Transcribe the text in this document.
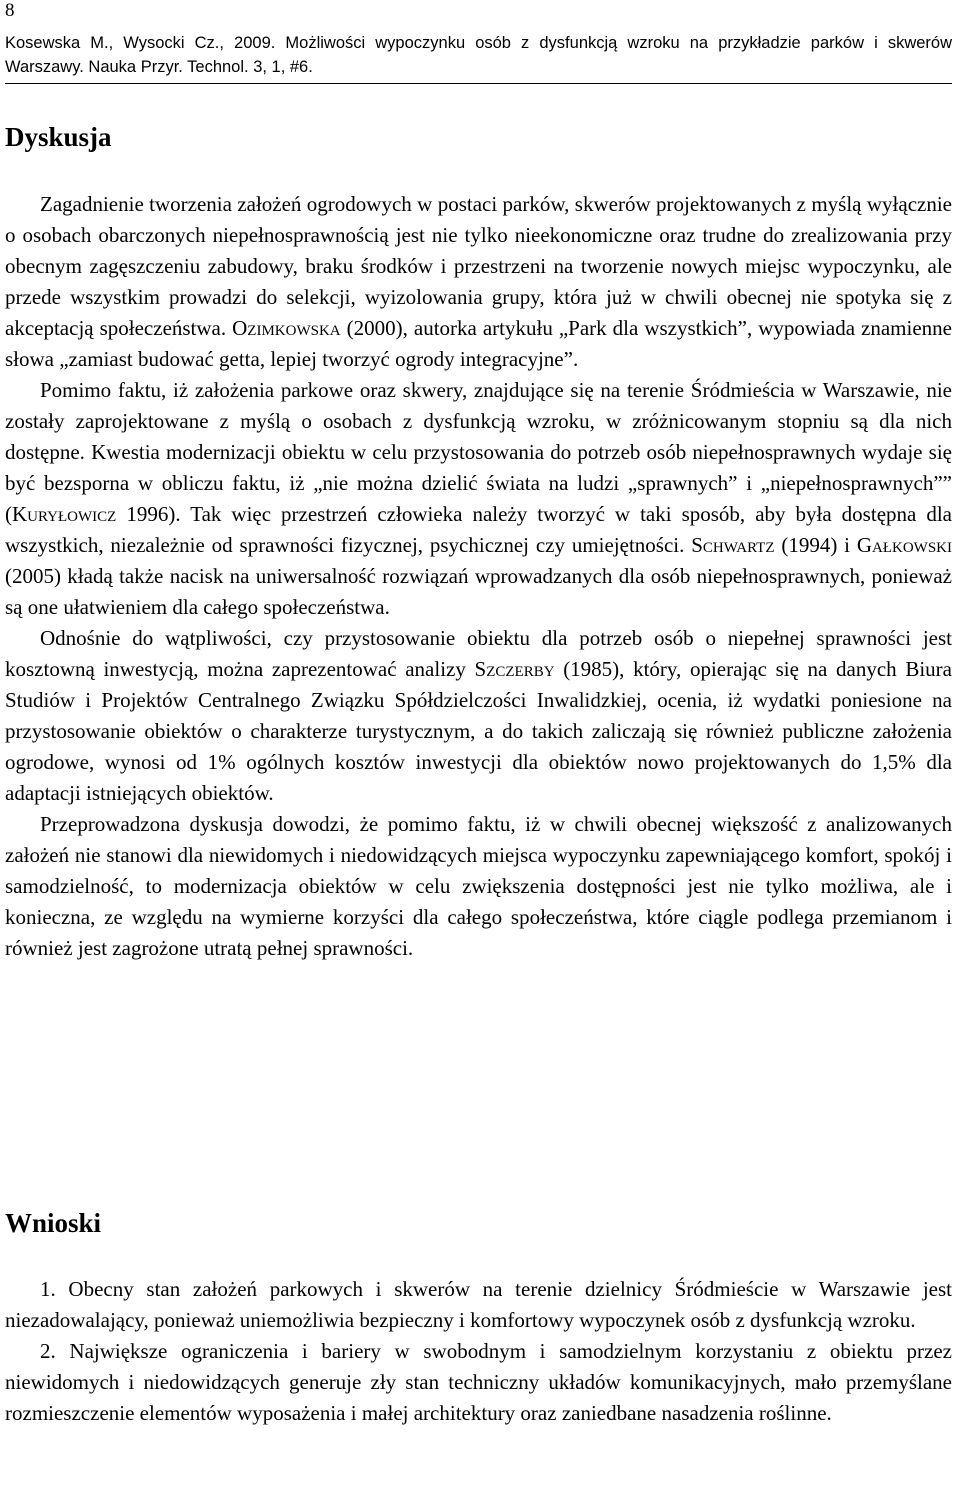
8
Kosewska M., Wysocki Cz., 2009. Możliwości wypoczynku osób z dysfunkcją wzroku na przykładzie parków i skwerów Warszawy. Nauka Przyr. Technol. 3, 1, #6.
Dyskusja

Zagadnienie tworzenia założeń ogrodowych w postaci parków, skwerów projektowanych z myślą wyłącznie o osobach obarczonych niepełnosprawnością jest nie tylko nieekonomiczne oraz trudne do zrealizowania przy obecnym zagęszczeniu zabudowy, braku środków i przestrzeni na tworzenie nowych miejsc wypoczynku, ale przede wszystkim prowadzi do selekcji, wyizolowania grupy, która już w chwili obecnej nie spotyka się z akceptacją społeczeństwa. Ozimkowska (2000), autorka artykułu „Park dla wszystkich”, wypowiada znamienne słowa „zamiast budować getta, lepiej tworzyć ogrody integracyjne”.

Pomimo faktu, iż założenia parkowe oraz skwery, znajdujące się na terenie Śródmieścia w Warszawie, nie zostały zaprojektowane z myślą o osobach z dysfunkcją wzroku, w zróżnicowanym stopniu są dla nich dostępne. Kwestia modernizacji obiektu w celu przystosowania do potrzeb osób niepełnosprawnych wydaje się być bezsporna w obliczu faktu, iż „nie można dzielić świata na ludzi „sprawnych” i „niepełnosprawnych”” (Kuryłowicz 1996). Tak więc przestrzeń człowieka należy tworzyć w taki sposób, aby była dostępna dla wszystkich, niezależnie od sprawności fizycznej, psychicznej czy umiejętności. Schwartz (1994) i Gałkowski (2005) kładą także nacisk na uniwersalność rozwiązań wprowadzanych dla osób niepełnosprawnych, ponieważ są one ułatwieniem dla całego społeczeństwa.

Odnośnie do wątpliwości, czy przystosowanie obiektu dla potrzeb osób o niepełnej sprawności jest kosztowną inwestycją, można zaprezentować analizy Szczerby (1985), który, opierając się na danych Biura Studiów i Projektów Centralnego Związku Spółdzielczości Inwalidzkiej, ocenia, iż wydatki poniesione na przystosowanie obiektów o charakterze turystycznym, a do takich zaliczają się również publiczne założenia ogrodowe, wynosi od 1% ogólnych kosztów inwestycji dla obiektów nowo projektowanych do 1,5% dla adaptacji istniejących obiektów.

Przeprowadzona dyskusja dowodzi, że pomimo faktu, iż w chwili obecnej większość z analizowanych założeń nie stanowi dla niewidomych i niedowidzących miejsca wypoczynku zapewniającego komfort, spokój i samodzielność, to modernizacja obiektów w celu zwiększenia dostępności jest nie tylko możliwa, ale i konieczna, ze względu na wymierne korzyści dla całego społeczeństwa, które ciągle podlega przemianom i również jest zagrożone utratą pełnej sprawności.

Wnioski

1. Obecny stan założeń parkowych i skwerów na terenie dzielnicy Śródmieście w Warszawie jest niezadowalający, ponieważ uniemożliwia bezpieczny i komfortowy wypoczynek osób z dysfunkcją wzroku.

2. Największe ograniczenia i bariery w swobodnym i samodzielnym korzystaniu z obiektu przez niewidomych i niedowidzących generuje zły stan techniczny układów komunikacyjnych, mało przemyślane rozmieszczenie elementów wyposażenia i małej architektury oraz zaniedbane nasadzenia roślinne.
